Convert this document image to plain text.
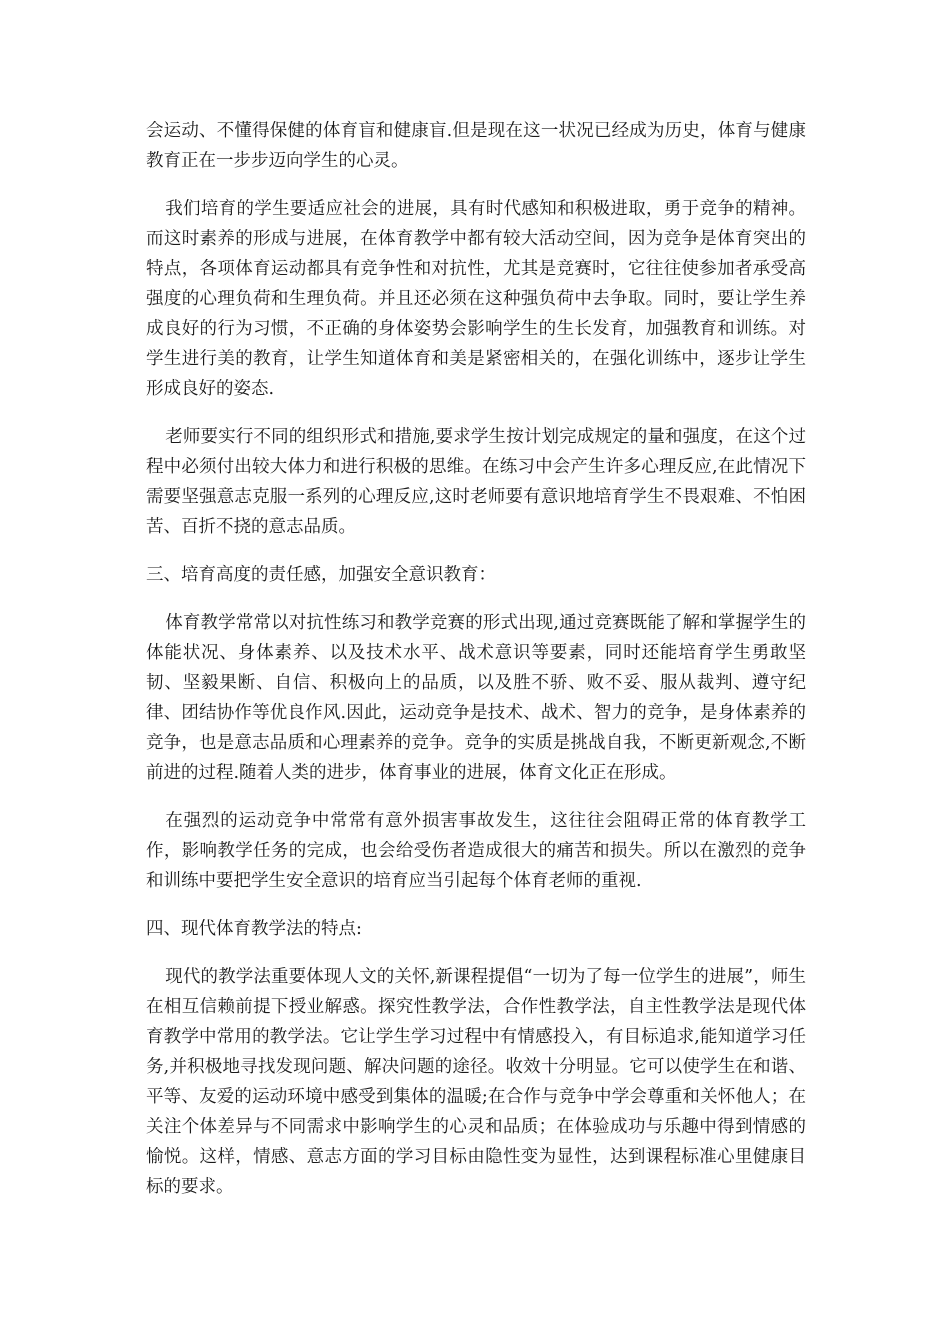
会运动、不懂得保健的体育盲和健康盲.但是现在这一状况已经成为历史，体育与健康教育正在一步步迈向学生的心灵。

我们培育的学生要适应社会的进展，具有时代感知和积极进取，勇于竞争的精神。而这时素养的形成与进展，在体育教学中都有较大活动空间，因为竞争是体育突出的特点，各项体育运动都具有竞争性和对抗性，尤其是竞赛时，它往往使参加者承受高强度的心理负荷和生理负荷。并且还必须在这种强负荷中去争取。同时，要让学生养成良好的行为习惯，不正确的身体姿势会影响学生的生长发育，加强教育和训练。对学生进行美的教育，让学生知道体育和美是紧密相关的，在强化训练中，逐步让学生形成良好的姿态.

老师要实行不同的组织形式和措施,要求学生按计划完成规定的量和强度，在这个过程中必须付出较大体力和进行积极的思维。在练习中会产生许多心理反应,在此情况下需要坚强意志克服一系列的心理反应,这时老师要有意识地培育学生不畏艰难、不怕困苦、百折不挠的意志品质。

三、培育高度的责任感，加强安全意识教育：

体育教学常常以对抗性练习和教学竞赛的形式出现,通过竞赛既能了解和掌握学生的体能状况、身体素养、以及技术水平、战术意识等要素，同时还能培育学生勇敢坚韧、坚毅果断、自信、积极向上的品质，以及胜不骄、败不妥、服从裁判、遵守纪律、团结协作等优良作风.因此，运动竞争是技术、战术、智力的竞争，是身体素养的竞争，也是意志品质和心理素养的竞争。竞争的实质是挑战自我，不断更新观念,不断前进的过程.随着人类的进步，体育事业的进展，体育文化正在形成。

在强烈的运动竞争中常常有意外损害事故发生，这往往会阻碍正常的体育教学工作，影响教学任务的完成，也会给受伤者造成很大的痛苦和损失。所以在激烈的竞争和训练中要把学生安全意识的培育应当引起每个体育老师的重视.

四、现代体育教学法的特点:

现代的教学法重要体现人文的关怀,新课程提倡“一切为了每一位学生的进展”，师生在相互信赖前提下授业解惑。探究性教学法，合作性教学法，自主性教学法是现代体育教学中常用的教学法。它让学生学习过程中有情感投入，有目标追求,能知道学习任务,并积极地寻找发现问题、解决问题的途径。收效十分明显。它可以使学生在和谐、平等、友爱的运动环境中感受到集体的温暖;在合作与竞争中学会尊重和关怀他人；在关注个体差异与不同需求中影响学生的心灵和品质；在体验成功与乐趣中得到情感的愉悦。这样，情感、意志方面的学习目标由隐性变为显性，达到课程标准心里健康目标的要求。
